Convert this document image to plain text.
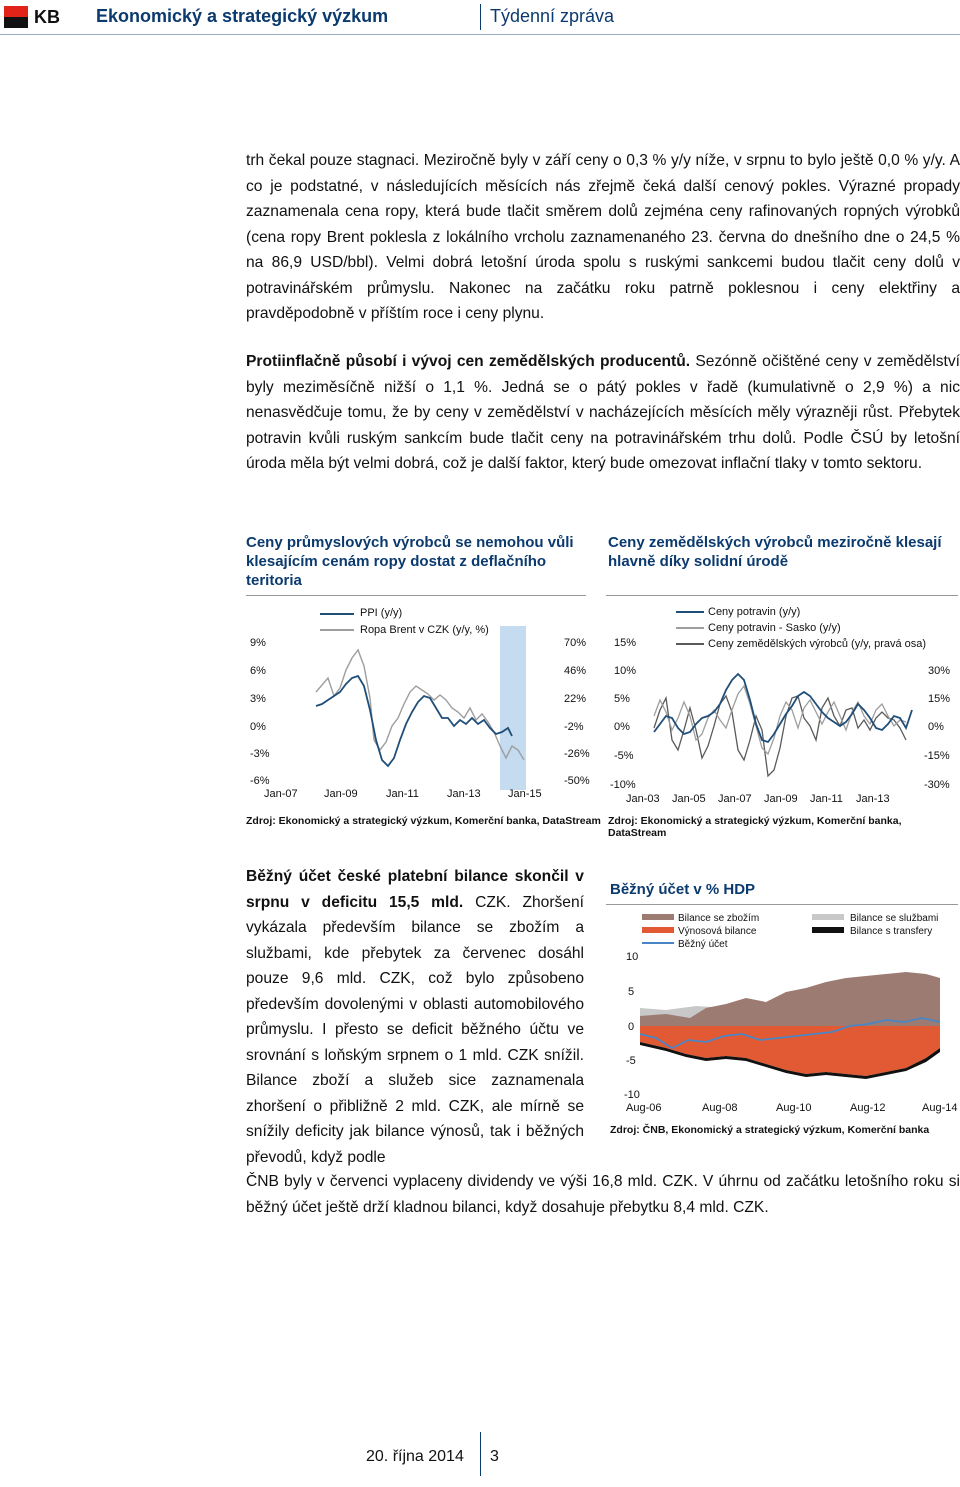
KB Ekonomický a strategický výzkum	Týdenní zpráva

trh čekal pouze stagnaci. Meziročně byly v září ceny o 0,3 % y/y níže, v srpnu to bylo ještě 0,0 % y/y. A co je podstatné, v následujících měsících nás zřejmě čeká další cenový pokles. Výrazné propady zaznamenala cena ropy, která bude tlačit směrem dolů zejména ceny rafinovaných ropných výrobků (cena ropy Brent poklesla z lokálního vrcholu zaznamenaného 23. června do dnešního dne o 24,5 % na 86,9 USD/bbl). Velmi dobrá letošní úroda spolu s ruskými sankcemi budou tlačit ceny dolů v potravinářském průmyslu. Nakonec na začátku roku patrně poklesnou i ceny elektřiny a pravděpodobně v příštím roce i ceny plynu.

Protiinflačně působí i vývoj cen zemědělských producentů. Sezónně očištěné ceny v zemědělství byly meziměsíčně nižší o 1,1 %. Jedná se o pátý pokles v řadě (kumulativně o 2,9 %) a nic nenasvědčuje tomu, že by ceny v zemědělství v nacházejících měsících měly výrazněji růst. Přebytek potravin kvůli ruským sankcím bude tlačit ceny na potravinářském trhu dolů. Podle ČSÚ by letošní úroda měla být velmi dobrá, což je další faktor, který bude omezovat inflační tlaky v tomto sektoru.

Ceny průmyslových výrobců se nemohou vůli klesajícím cenám ropy dostat z deflačního teritoria
PPI (y/y)
Ropa Brent v CZK (y/y, %)
9%
6%
3%
0%
-3%
-6%
70%
46%
22%
-2%
-26%
-50%
Jan-07 Jan-09	Jan-11	Jan-13 Jan-15
Zdroj: Ekonomický a strategický výzkum, Komerční banka, DataStream
Ceny zemědělských výrobců meziročně klesají hlavně díky solidní úrodě
Ceny potravin (y/y)
Ceny potravin - Sasko (y/y)
Ceny zemědělských výrobců (y/y, pravá osa)
15%
10%
5%
0%
-5%
-10%
30%
15%
0%
-15%
-30%
Jan-03 Jan-05 Jan-07 Jan-09 Jan-11 Jan-13
Zdroj: Ekonomický a strategický výzkum, Komerční banka, DataStream

Běžný účet české platební bilance skončil v srpnu v deficitu 15,5 mld. CZK. Zhoršení vykázala především bilance se zbožím a službami, kde přebytek za červenec dosáhl pouze 9,6 mld. CZK, což bylo způsobeno především dovolenými v oblasti automobilového průmyslu. I přesto se deficit běžného účtu ve srovnání s loňským srpnem o 1 mld. CZK snížil. Bilance zboží a služeb sice zaznamenala zhoršení o přibližně 2 mld. CZK, ale mírně se snížily deficity jak bilance výnosů, tak i běžných převodů, když podle

ČNB byly v červenci vyplaceny dividendy ve výši 16,8 mld. CZK. V úhrnu od začátku letošního roku si běžný účet ještě drží kladnou bilanci, když dosahuje přebytku 8,4 mld. CZK.

Běžný účet v % HDP
Bilance se zbožím
Výnosová bilance
Běžný účet
Bilance se službami
Bilance s transfery
10
5
0
-5
-10
Aug-06	Aug-08	Aug-10	Aug-12	Aug-14
Zdroj: ČNB, Ekonomický a strategický výzkum, Komerční banka
20. října 2014 3
